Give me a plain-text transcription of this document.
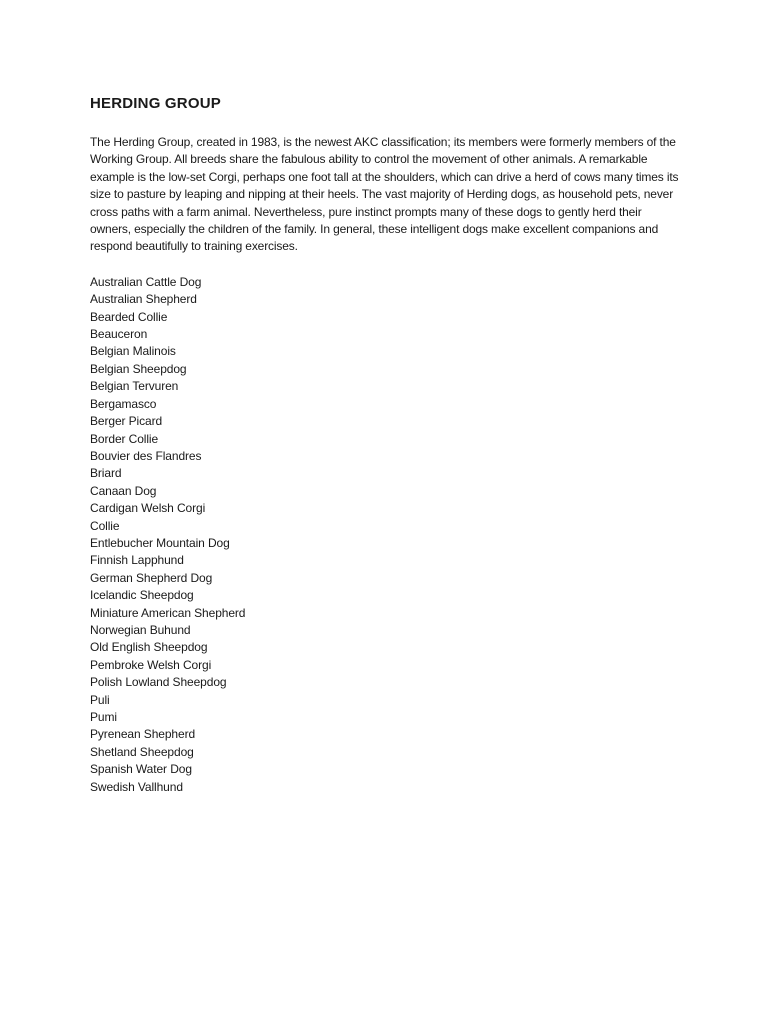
HERDING GROUP

The Herding Group, created in 1983, is the newest AKC classification; its members were formerly members of the Working Group. All breeds share the fabulous ability to control the movement of other animals. A remarkable example is the low-set Corgi, perhaps one foot tall at the shoulders, which can drive a herd of cows many times its size to pasture by leaping and nipping at their heels. The vast majority of Herding dogs, as household pets, never cross paths with a farm animal. Nevertheless, pure instinct prompts many of these dogs to gently herd their owners, especially the children of the family. In general, these intelligent dogs make excellent companions and respond beautifully to training exercises.

Australian Cattle Dog
Australian Shepherd
Bearded Collie
Beauceron
Belgian Malinois
Belgian Sheepdog
Belgian Tervuren
Bergamasco
Berger Picard
Border Collie
Bouvier des Flandres
Briard
Canaan Dog
Cardigan Welsh Corgi
Collie
Entlebucher Mountain Dog
Finnish Lapphund
German Shepherd Dog
Icelandic Sheepdog
Miniature American Shepherd
Norwegian Buhund
Old English Sheepdog
Pembroke Welsh Corgi
Polish Lowland Sheepdog
Puli
Pumi
Pyrenean Shepherd
Shetland Sheepdog
Spanish Water Dog
Swedish Vallhund
